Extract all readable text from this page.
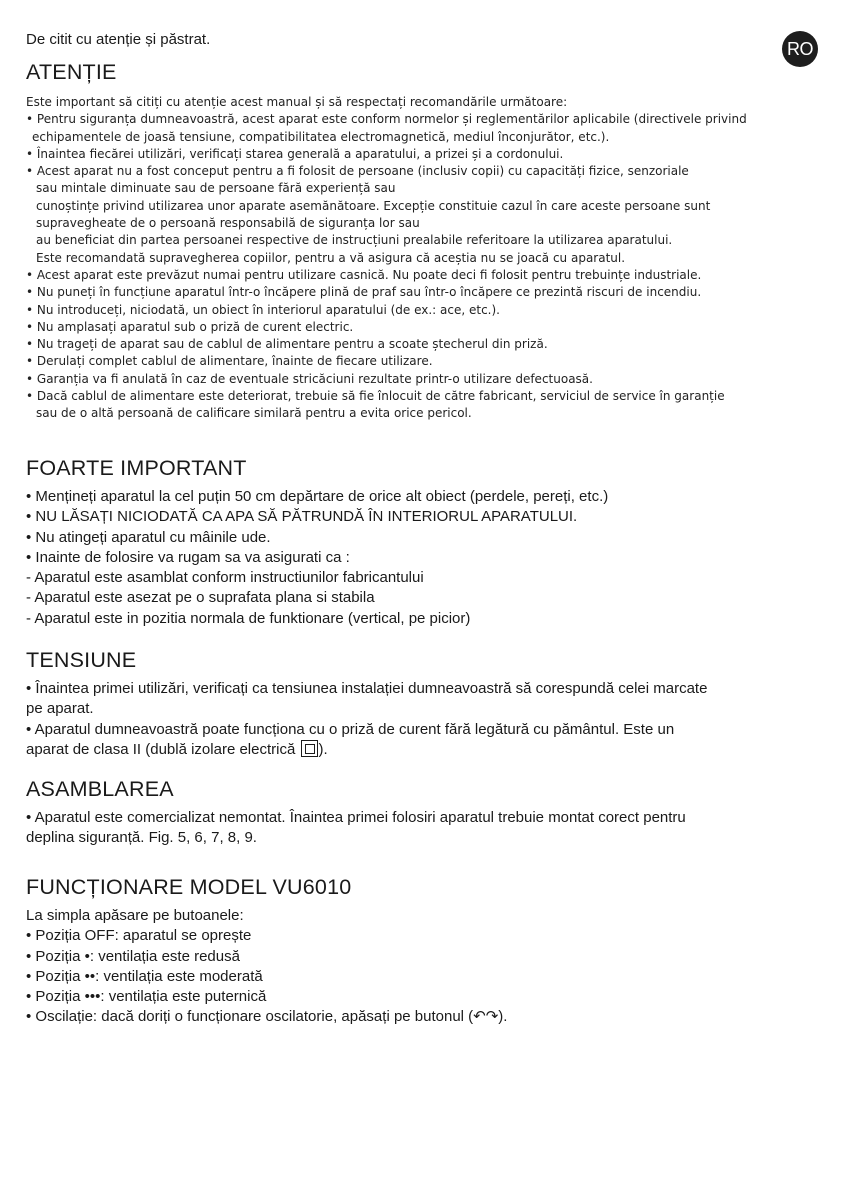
De citit cu atenție și păstrat.	RO
ATENȚIE

Este important să citiți cu atenție acest manual și să respectați recomandările următoare:

• Pentru siguranța dumneavoastră, acest aparat este conform normelor și reglementărilor aplicabile (directivele privind

echipamentele de joasă tensiune, compatibilitatea electromagnetică, mediul înconjurător, etc.).

• Înaintea fiecărei utilizări, verificați starea generală a aparatului, a prizei și a cordonului.

• Acest aparat nu a fost conceput pentru a fi folosit de persoane (inclusiv copii) cu capacități fizice, senzoriale

sau mintale diminuate sau de persoane fără experiență sau

cunoștințe privind utilizarea unor aparate asemănătoare. Excepție constituie cazul în care aceste persoane sunt

supravegheate de o persoană responsabilă de siguranța lor sau

au beneficiat din partea persoanei respective de instrucțiuni prealabile referitoare la utilizarea aparatului.

Este recomandată supravegherea copiilor, pentru a vă asigura că aceștia nu se joacă cu aparatul.

• Acest aparat este prevăzut numai pentru utilizare casnică. Nu poate deci fi folosit pentru trebuințe industriale.

• Nu puneți în funcțiune aparatul într-o încăpere plină de praf sau într-o încăpere ce prezintă riscuri de incendiu.

• Nu introduceți, niciodată, un obiect în interiorul aparatului (de ex.: ace, etc.).

• Nu amplasați aparatul sub o priză de curent electric.

• Nu trageți de aparat sau de cablul de alimentare pentru a scoate ștecherul din priză.

• Derulați complet cablul de alimentare, înainte de fiecare utilizare.

• Garanția va fi anulată în caz de eventuale stricăciuni rezultate printr-o utilizare defectuoasă.

• Dacă cablul de alimentare este deteriorat, trebuie să fie înlocuit de către fabricant, serviciul de service în garanție

sau de o altă persoană de calificare similară pentru a evita orice pericol.

FOARTE IMPORTANT

• Mențineți aparatul la cel puțin 50 cm depărtare de orice alt obiect (perdele, pereți, etc.)

• NU LĂSAȚI NICIODATĂ CA APA SĂ PĂTRUNDĂ ÎN INTERIORUL APARATULUI.

• Nu atingeți aparatul cu mâinile ude.

• Inainte de folosire va rugam sa va asigurati ca :

- Aparatul este asamblat conform instructiunilor fabricantului

- Aparatul este asezat pe o suprafata plana si stabila

- Aparatul este in pozitia normala de funktionare (vertical, pe picior)

TENSIUNE

• Înaintea primei utilizări, verificați ca tensiunea instalației dumneavoastră să corespundă celei marcate

pe aparat.

• Aparatul dumneavoastră poate funcționa cu o priză de curent fără legătură cu pământul. Este un

aparat de clasa II (dublă izolare electrică ).

ASAMBLAREA

• Aparatul este comercializat nemontat. Înaintea primei folosiri aparatul trebuie montat corect pentru

deplina siguranță. Fig. 5, 6, 7, 8, 9.

FUNCȚIONARE MODEL VU6010

La simpla apăsare pe butoanele:

• Poziția OFF: aparatul se oprește

• Poziția •: ventilația este redusă

• Poziția ••: ventilația este moderată

• Poziția •••: ventilația este puternică

• Oscilație: dacă doriți o funcționare oscilatorie, apăsați pe butonul (↶↷).
